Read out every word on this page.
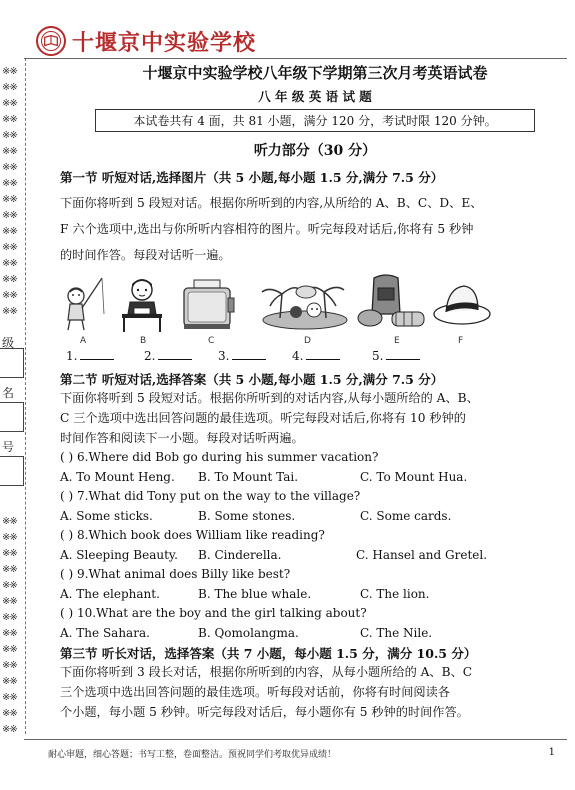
十堰京中实验学校
※※
※※
※※
※※
※※
※※
※※
※※
※※
※※
※※
※※
※※
※※
※※
※※
级
名
号
※※
※※
※※
※※
※※
※※
※※
※※
※※
※※
※※
※※
※※
※※
十堰京中实验学校八年级下学期第三次月考英语试卷
八 年 级 英 语 试 题
本试卷共有 4 面，共 81 小题，满分 120 分，考试时限 120 分钟。
听力部分（30 分）
第一节 听短对话,选择图片（共 5 小题,每小题 1.5 分,满分 7.5 分）
下面你将听到 5 段短对话。根据你所听到的内容,从所给的 A、B、C、D、E、
F 六个选项中,选出与你所听内容相符的图片。听完每段对话后,你将有 5 秒钟
的时间作答。每段对话听一遍。
A	B	C	D	E	F
1.	2.	3.	4.	5.
第二节 听短对话,选择答案（共 5 小题,每小题 1.5 分,满分 7.5 分）
下面你将听到 5 段短对话。根据你所听到的对话内容,从每小题所给的 A、B、
C 三个选项中选出回答问题的最佳选项。听完每段对话后,你将有 10 秒钟的
时间作答和阅读下一小题。每段对话听两遍。
( ) 6.Where did Bob go during his summer vacation?
A. To Mount Heng. B. To Mount Tai.	C. To Mount Hua.
( ) 7.What did Tony put on the way to the village?
A. Some sticks.	B. Some stones.	C. Some cards.
( ) 8.Which book does William like reading?
A. Sleeping Beauty. B. Cinderella.	C. Hansel and Gretel.
( ) 9.What animal does Billy like best?
A. The elephant.	B. The blue whale.	C. The lion.
( ) 10.What are the boy and the girl talking about?
A. The Sahara.	B. Qomolangma.	C. The Nile.
第三节 听长对话，选择答案（共 7 小题，每小题 1.5 分，满分 10.5 分）
下面你将听到 3 段长对话，根据你所听到的内容，从每小题所给的 A、B、C
三个选项中选出回答问题的最佳选项。听每段对话前，你将有时间阅读各
个小题，每小题 5 秒钟。听完每段对话后，每小题你有 5 秒钟的时间作答。
耐心审题，细心答题；书写工整，卷面整洁。预祝同学们考取优异成绩！	1
